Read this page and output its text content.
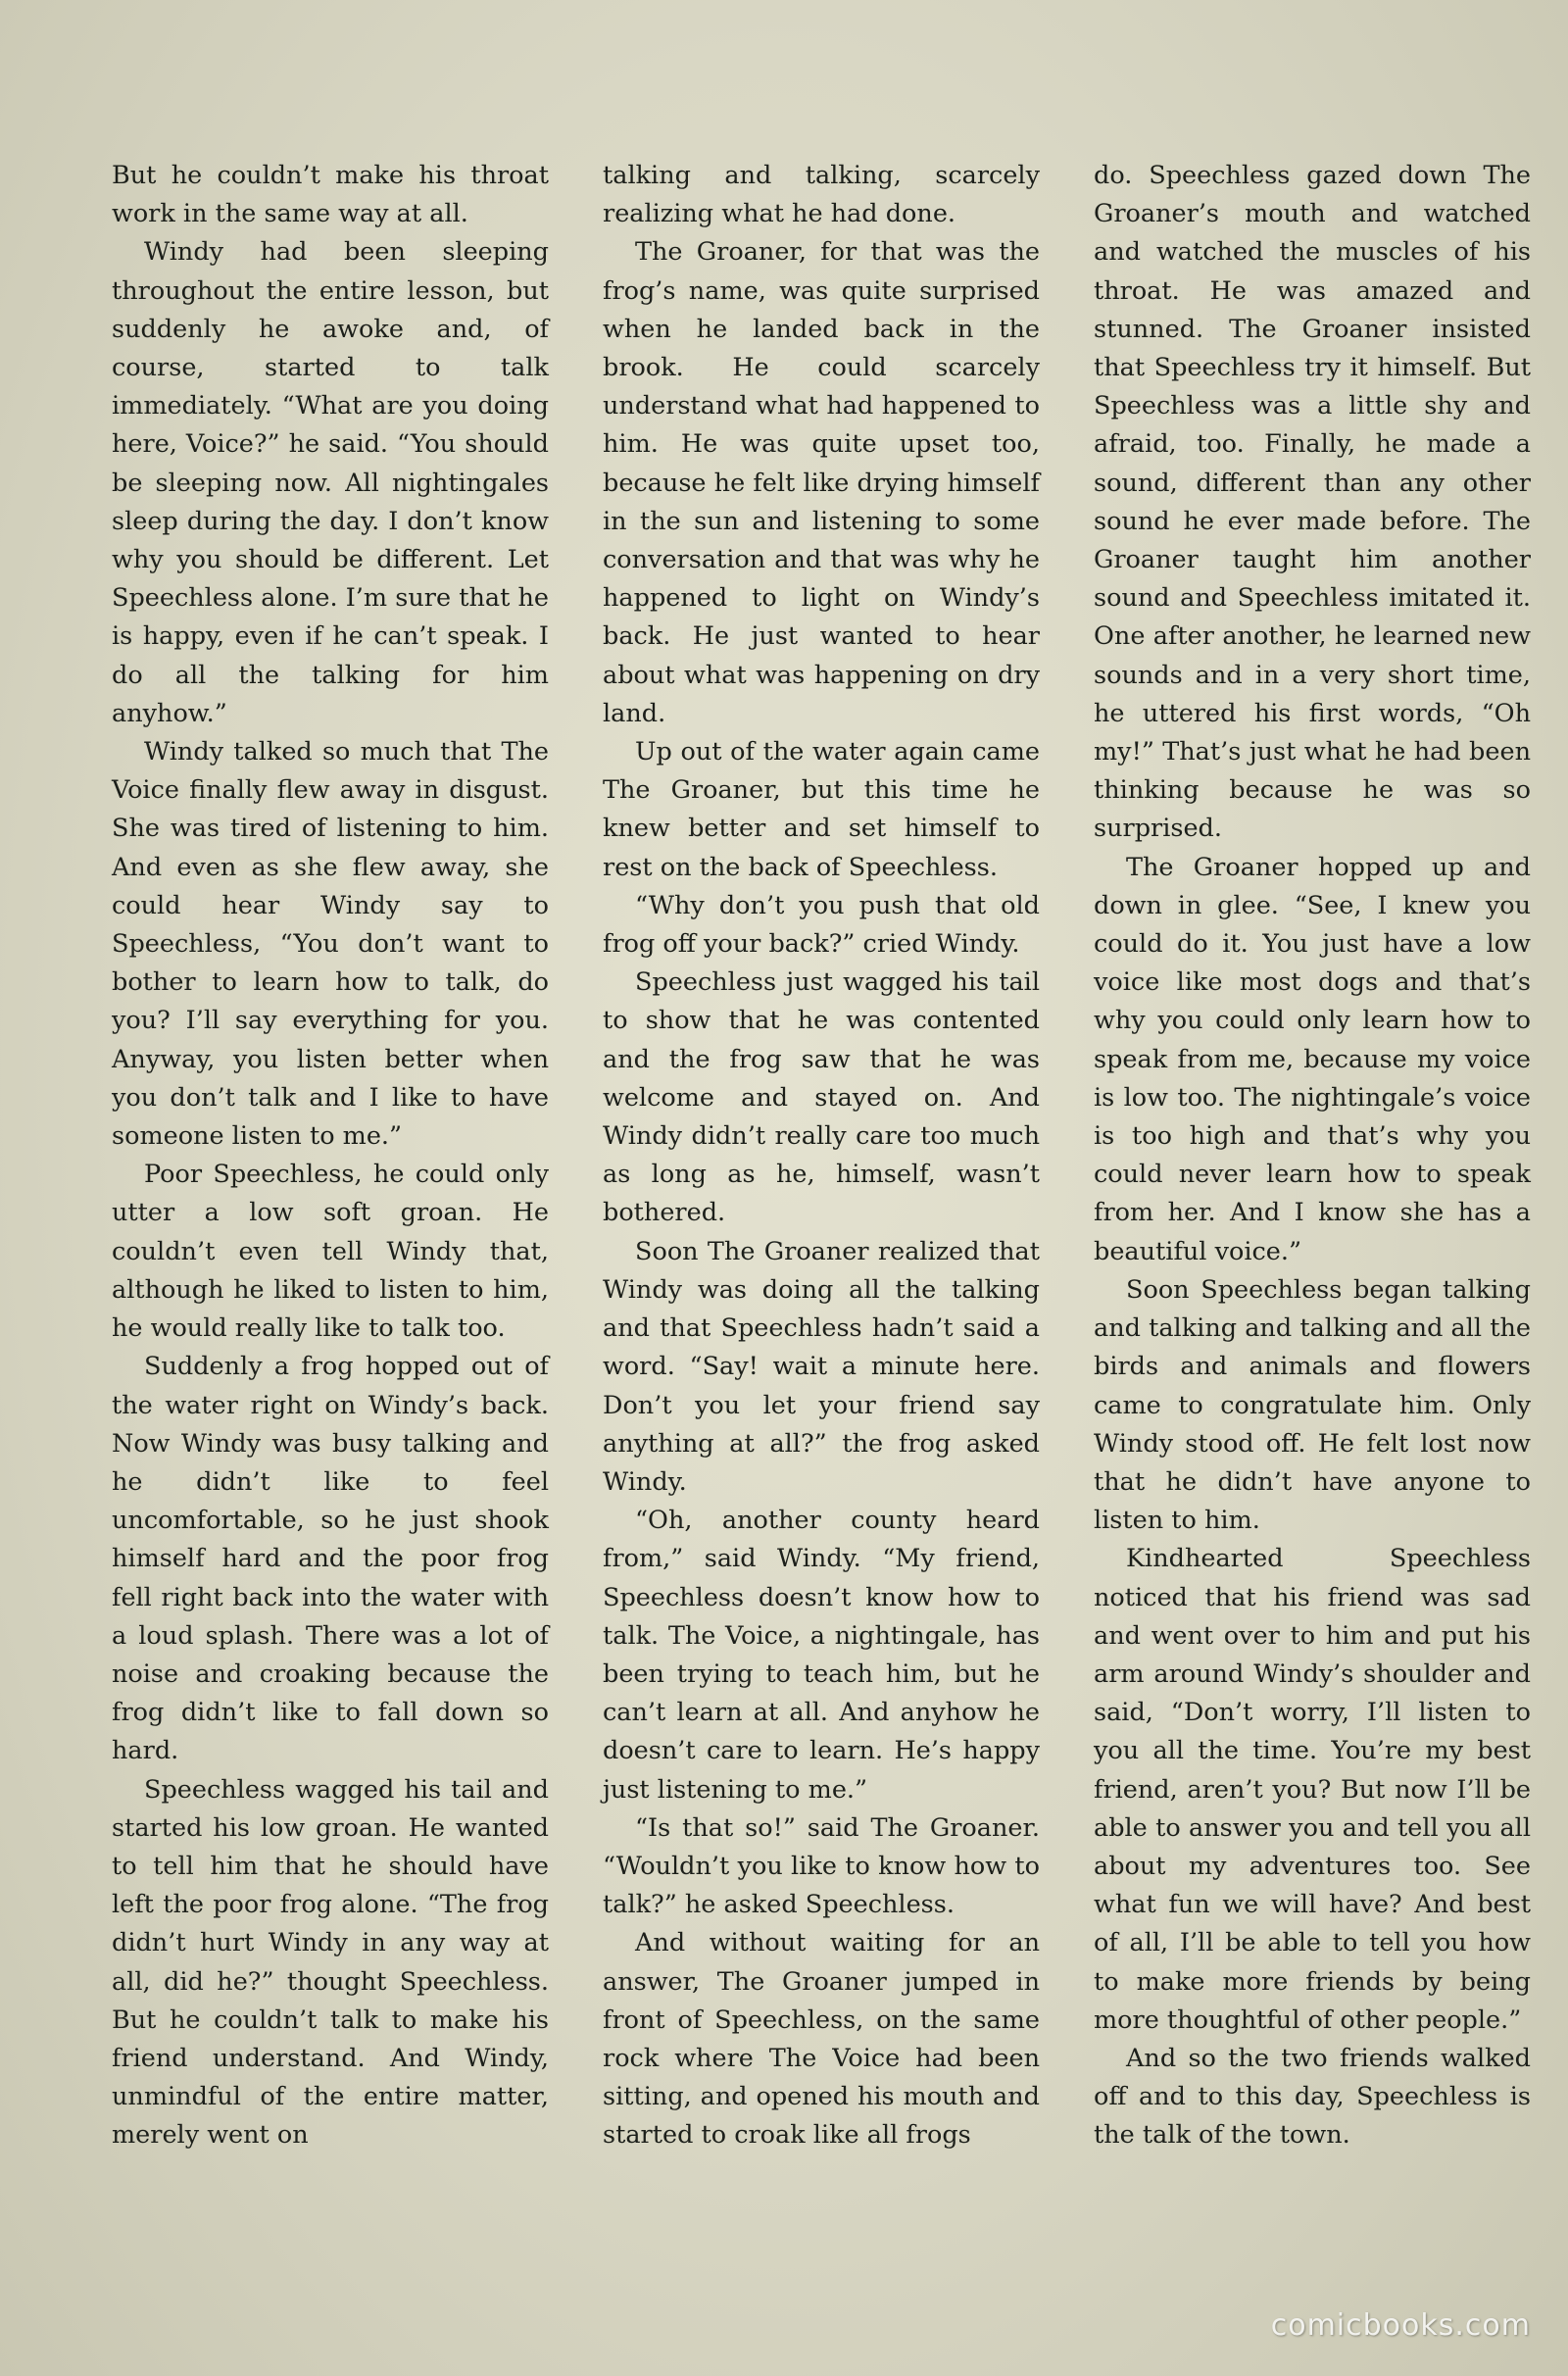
But he couldn’t make his throat work in the same way at all.

Windy had been sleeping throughout the entire lesson, but suddenly he awoke and, of course, started to talk immediately. “What are you doing here, Voice?” he said. “You should be sleeping now. All nightingales sleep during the day. I don’t know why you should be different. Let Speechless alone. I’m sure that he is happy, even if he can’t speak. I do all the talking for him anyhow.”

Windy talked so much that The Voice finally flew away in disgust. She was tired of listening to him. And even as she flew away, she could hear Windy say to Speechless, “You don’t want to bother to learn how to talk, do you? I’ll say everything for you. Anyway, you listen better when you don’t talk and I like to have someone listen to me.”

Poor Speechless, he could only utter a low soft groan. He couldn’t even tell Windy that, although he liked to listen to him, he would really like to talk too.

Suddenly a frog hopped out of the water right on Windy’s back. Now Windy was busy talking and he didn’t like to feel uncomfortable, so he just shook himself hard and the poor frog fell right back into the water with a loud splash. There was a lot of noise and croaking because the frog didn’t like to fall down so hard.

Speechless wagged his tail and started his low groan. He wanted to tell him that he should have left the poor frog alone. “The frog didn’t hurt Windy in any way at all, did he?” thought Speechless. But he couldn’t talk to make his friend understand. And Windy, unmindful of the entire matter, merely went on

talking and talking, scarcely realizing what he had done.

The Groaner, for that was the frog’s name, was quite surprised when he landed back in the brook. He could scarcely understand what had happened to him. He was quite upset too, because he felt like drying himself in the sun and listening to some conversation and that was why he happened to light on Windy’s back. He just wanted to hear about what was happening on dry land.

Up out of the water again came The Groaner, but this time he knew better and set himself to rest on the back of Speechless.

“Why don’t you push that old frog off your back?” cried Windy.

Speechless just wagged his tail to show that he was contented and the frog saw that he was welcome and stayed on. And Windy didn’t really care too much as long as he, himself, wasn’t bothered.

Soon The Groaner realized that Windy was doing all the talking and that Speechless hadn’t said a word. “Say! wait a minute here. Don’t you let your friend say anything at all?” the frog asked Windy.

“Oh, another county heard from,” said Windy. “My friend, Speechless doesn’t know how to talk. The Voice, a nightingale, has been trying to teach him, but he can’t learn at all. And anyhow he doesn’t care to learn. He’s happy just listening to me.”

“Is that so!” said The Groaner. “Wouldn’t you like to know how to talk?” he asked Speechless.

And without waiting for an answer, The Groaner jumped in front of Speechless, on the same rock where The Voice had been sitting, and opened his mouth and started to croak like all frogs

do. Speechless gazed down The Groaner’s mouth and watched and watched the muscles of his throat. He was amazed and stunned. The Groaner insisted that Speechless try it himself. But Speechless was a little shy and afraid, too. Finally, he made a sound, different than any other sound he ever made before. The Groaner taught him another sound and Speechless imitated it. One after another, he learned new sounds and in a very short time, he uttered his first words, “Oh my!” That’s just what he had been thinking because he was so surprised.

The Groaner hopped up and down in glee. “See, I knew you could do it. You just have a low voice like most dogs and that’s why you could only learn how to speak from me, because my voice is low too. The nightingale’s voice is too high and that’s why you could never learn how to speak from her. And I know she has a beautiful voice.”

Soon Speechless began talking and talking and talking and all the birds and animals and flowers came to congratulate him. Only Windy stood off. He felt lost now that he didn’t have anyone to listen to him.

Kindhearted Speechless noticed that his friend was sad and went over to him and put his arm around Windy’s shoulder and said, “Don’t worry, I’ll listen to you all the time. You’re my best friend, aren’t you? But now I’ll be able to answer you and tell you all about my adventures too. See what fun we will have? And best of all, I’ll be able to tell you how to make more friends by being more thoughtful of other people.”

And so the two friends walked off and to this day, Speechless is the talk of the town.

comicbooks.com
